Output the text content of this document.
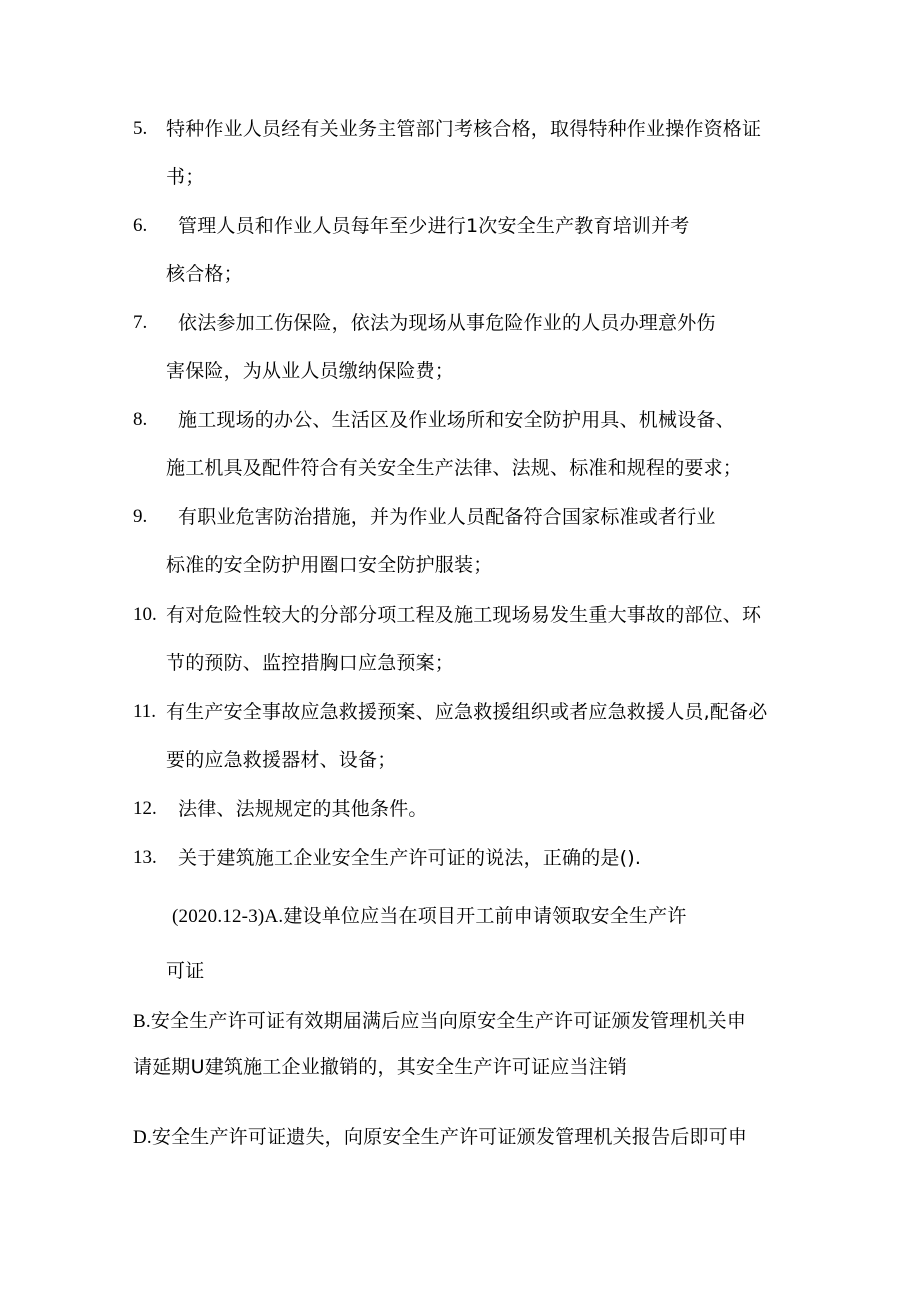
5. 特种作业人员经有关业务主管部门考核合格，取得特种作业操作资格证
书；
6. 管理人员和作业人员每年至少进行1次安全生产教育培训并考
核合格；
7. 依法参加工伤保险，依法为现场从事危险作业的人员办理意外伤
害保险，为从业人员缴纳保险费；
8. 施工现场的办公、生活区及作业场所和安全防护用具、机械设备、
施工机具及配件符合有关安全生产法律、法规、标准和规程的要求；
9. 有职业危害防治措施，并为作业人员配备符合国家标准或者行业
标准的安全防护用圈口安全防护服装；
10. 有对危险性较大的分部分项工程及施工现场易发生重大事故的部位、环
节的预防、监控措胸口应急预案；
11. 有生产安全事故应急救援预案、应急救援组织或者应急救援人员,配备必
要的应急救援器材、设备；
12. 法律、法规规定的其他条件。
13. 关于建筑施工企业安全生产许可证的说法，正确的是().
(2020.12-3)A.建设单位应当在项目开工前申请领取安全生产许
可证
B.安全生产许可证有效期届满后应当向原安全生产许可证颁发管理机关申
请延期U建筑施工企业撤销的，其安全生产许可证应当注销
D.安全生产许可证遗失，向原安全生产许可证颁发管理机关报告后即可申
